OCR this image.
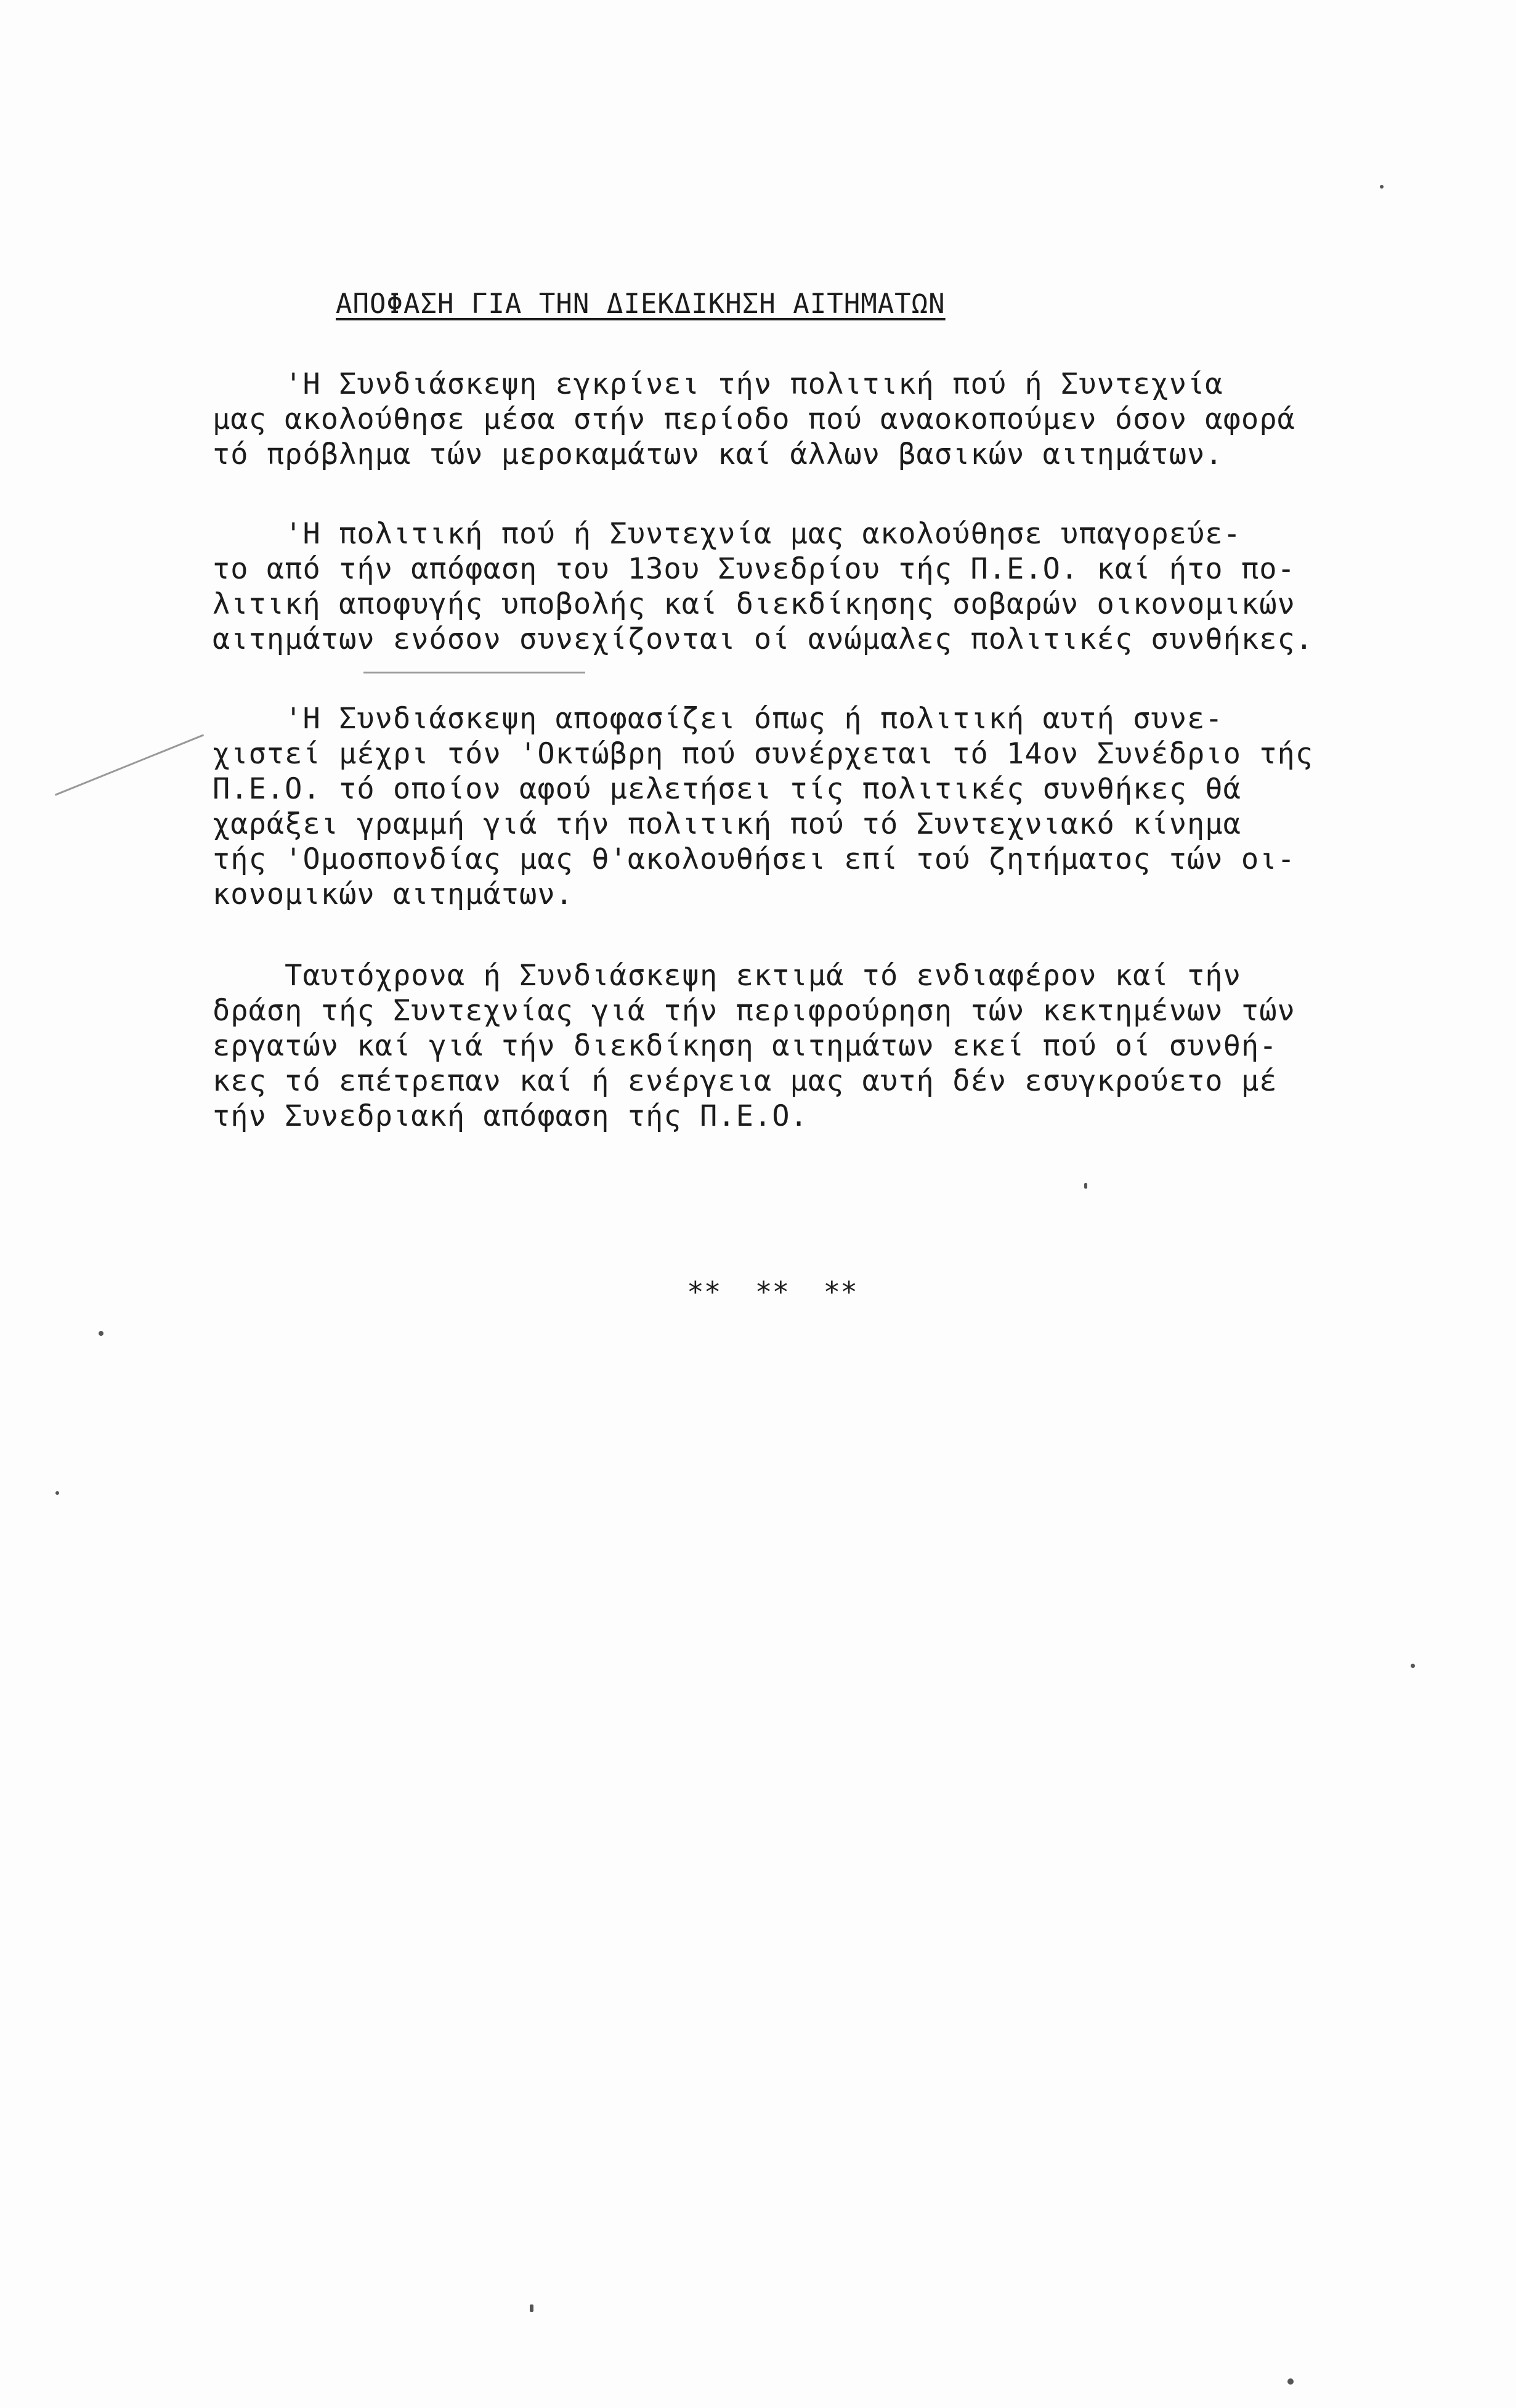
ΑΠΟΦΑΣΗ ΓΙΑ ΤΗΝ ΔΙΕΚΔΙΚΗΣΗ ΑΙΤΗΜΑΤΩΝ
'Η Συνδιάσκεψη εγκρίνει τήν πολιτική πού ή Συντεχνία
μας ακολούθησε μέσα στήν περίοδο πού αναοκοπούμεν όσον αφορά
τό πρόβλημα τών μεροκαμάτων καί άλλων βασικών αιτημάτων.
'Η πολιτική πού ή Συντεχνία μας ακολούθησε υπαγορεύε-
το από τήν απόφαση του 13ου Συνεδρίου τής Π.Ε.Ο. καί ήτο πο-
λιτική αποφυγής υποβολής καί διεκδίκησης σοβαρών οικονομικών
αιτημάτων ενόσον συνεχίζονται οί ανώμαλες πολιτικές συνθήκες.
'Η Συνδιάσκεψη αποφασίζει όπως ή πολιτική αυτή συνε-
χιστεί μέχρι τόν 'Οκτώβρη πού συνέρχεται τό 14ον Συνέδριο τής
Π.Ε.Ο. τό οποίον αφού μελετήσει τίς πολιτικές συνθήκες θά
χαράξει γραμμή γιά τήν πολιτική πού τό Συντεχνιακό κίνημα
τής 'Ομοσπονδίας μας θ'ακολουθήσει επί τού ζητήματος τών οι-
κονομικών αιτημάτων.
Ταυτόχρονα ή Συνδιάσκεψη εκτιμά τό ενδιαφέρον καί τήν
δράση τής Συντεχνίας γιά τήν περιφρούρηση τών κεκτημένων τών
εργατών καί γιά τήν διεκδίκηση αιτημάτων εκεί πού οί συνθή-
κες τό επέτρεπαν καί ή ενέργεια μας αυτή δέν εσυγκρούετο μέ
τήν Συνεδριακή απόφαση τής Π.Ε.Ο.

**  **  **
